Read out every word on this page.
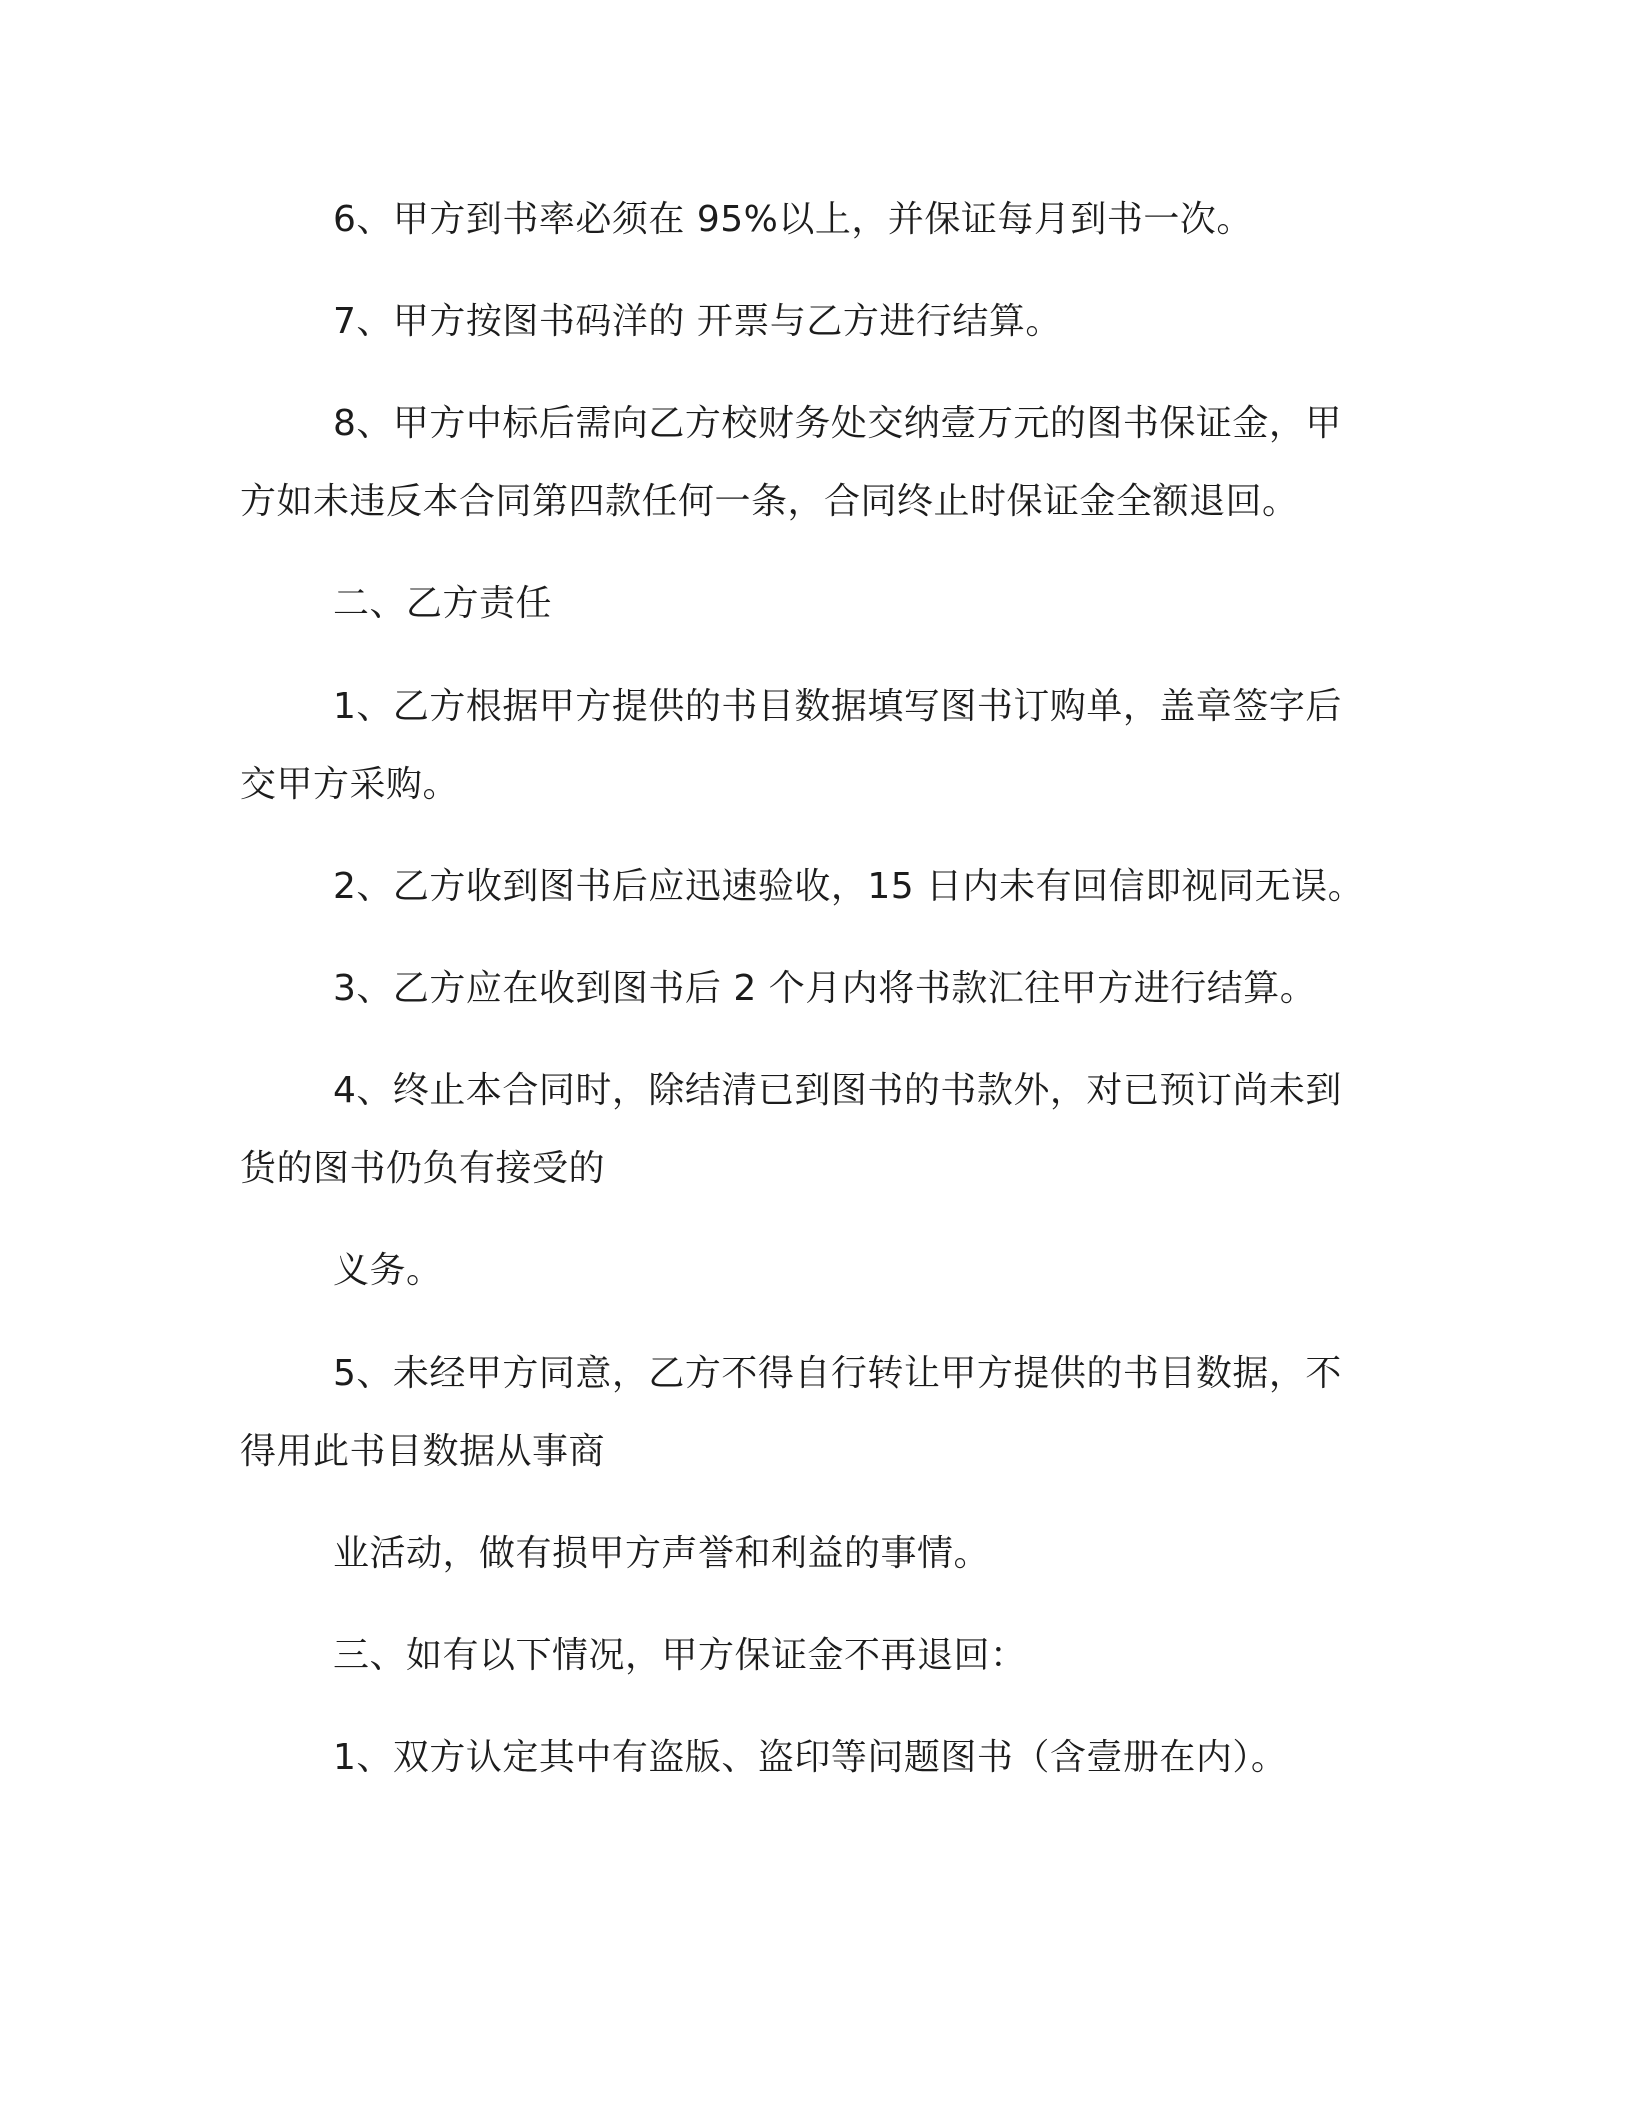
6、甲方到书率必须在 95%以上，并保证每月到书一次。

7、甲方按图书码洋的 开票与乙方进行结算。

8、甲方中标后需向乙方校财务处交纳壹万元的图书保证金，甲

方如未违反本合同第四款任何一条，合同终止时保证金全额退回。

二、乙方责任

1、乙方根据甲方提供的书目数据填写图书订购单，盖章签字后

交甲方采购。

2、乙方收到图书后应迅速验收，15 日内未有回信即视同无误。

3、乙方应在收到图书后 2 个月内将书款汇往甲方进行结算。

4、终止本合同时，除结清已到图书的书款外，对已预订尚未到

货的图书仍负有接受的

义务。

5、未经甲方同意，乙方不得自行转让甲方提供的书目数据，不

得用此书目数据从事商

业活动，做有损甲方声誉和利益的事情。

三、如有以下情况，甲方保证金不再退回：

1、双方认定其中有盗版、盗印等问题图书（含壹册在内）。
